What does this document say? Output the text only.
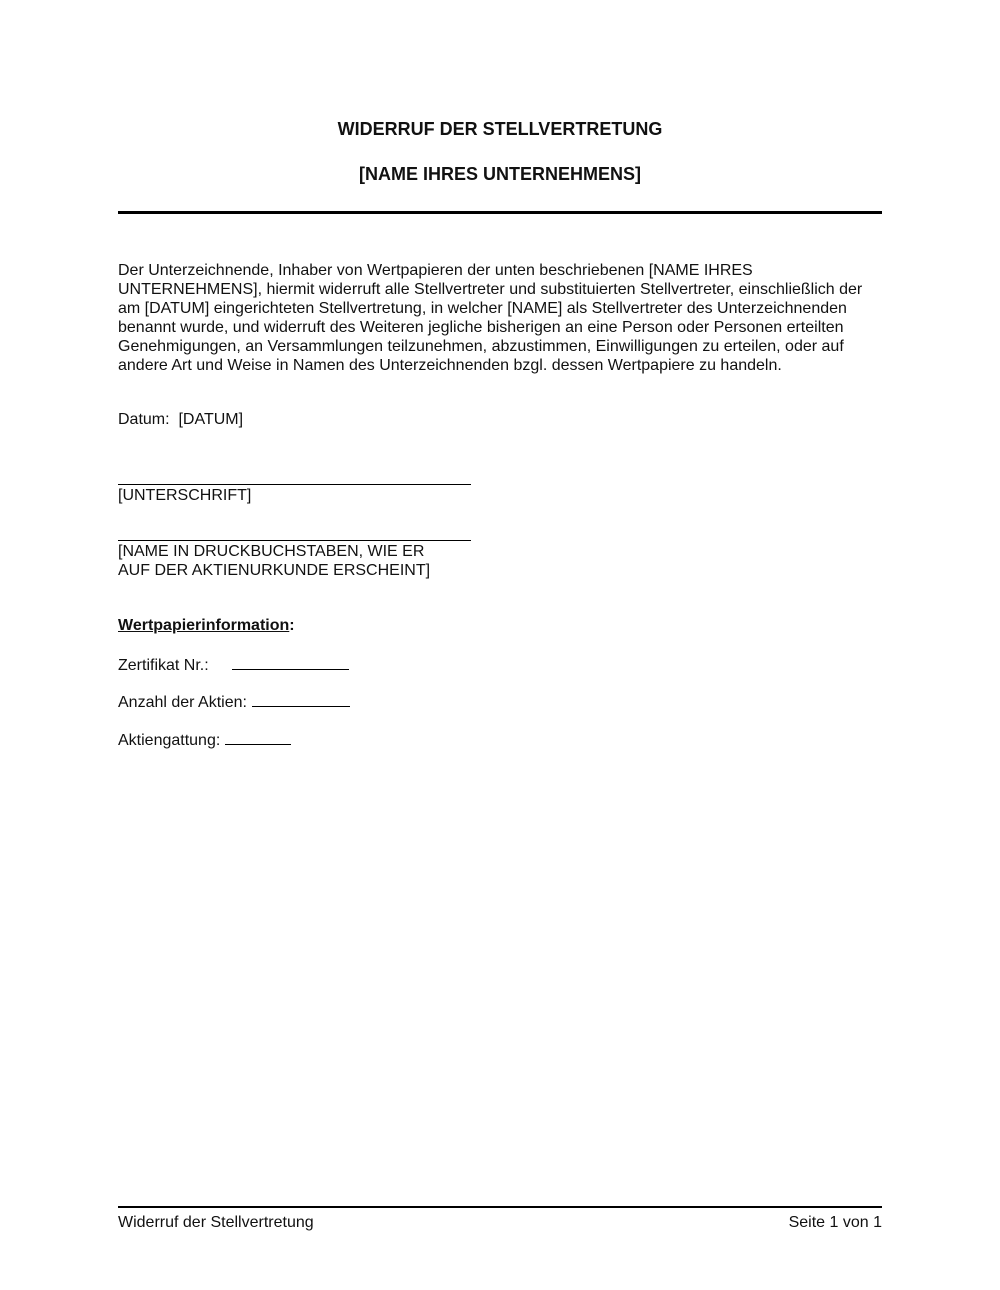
WIDERRUF DER STELLVERTRETUNG
[NAME IHRES UNTERNEHMENS]
Der Unterzeichnende, Inhaber von Wertpapieren der unten beschriebenen [NAME IHRES
UNTERNEHMENS], hiermit widerruft alle Stellvertreter und substituierten Stellvertreter, einschließlich der
am [DATUM] eingerichteten Stellvertretung, in welcher [NAME] als Stellvertreter des Unterzeichnenden
benannt wurde, und widerruft des Weiteren jegliche bisherigen an eine Person oder Personen erteilten
Genehmigungen, an Versammlungen teilzunehmen, abzustimmen, Einwilligungen zu erteilen, oder auf
andere Art und Weise in Namen des Unterzeichnenden bzgl. dessen Wertpapiere zu handeln.
Datum: [DATUM]
[UNTERSCHRIFT]
[NAME IN DRUCKBUCHSTABEN, WIE ER
AUF DER AKTIENURKUNDE ERSCHEINT]
Wertpapierinformation:
Zertifikat Nr.:
Anzahl der Aktien:
Aktiengattung:
Widerruf der Stellvertretung	Seite 1 von 1
